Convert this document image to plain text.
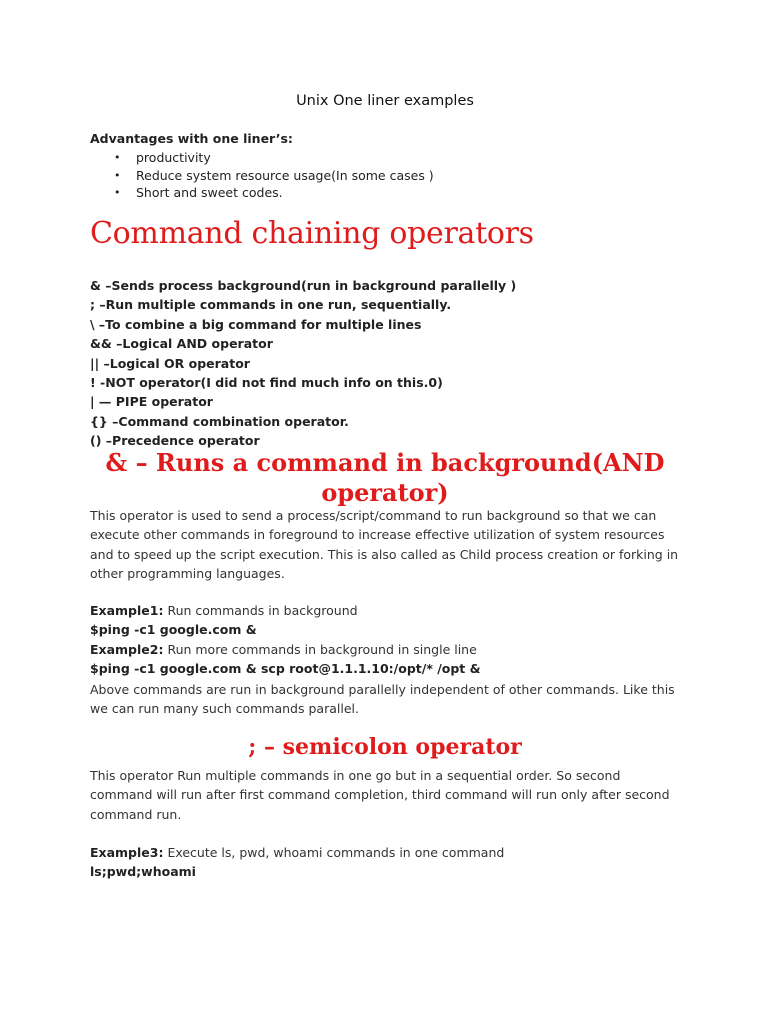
Unix One liner examples
Advantages with one liner’s:
• productivity
• Reduce system resource usage(In some cases )
• Short and sweet codes.
Command chaining operators
& –Sends process background(run in background parallelly )
; –Run multiple commands in one run, sequentially.
\ –To combine a big command for multiple lines
&& –Logical AND operator
|| –Logical OR operator
! -NOT operator(I did not find much info on this.0)
| — PIPE operator
{} –Command combination operator.
() –Precedence operator
& – Runs a command in background(AND
operator)
This operator is used to send a process/script/command to run background so that we can execute other commands in foreground to increase effective utilization of system resources and to speed up the script execution. This is also called as Child process creation or forking in other programming languages.
Example1: Run commands in background
$ping -c1 google.com &
Example2: Run more commands in background in single line
$ping -c1 google.com & scp root@1.1.1.10:/opt/* /opt &
Above commands are run in background parallelly independent of other commands. Like this we can run many such commands parallel.
; – semicolon operator
This operator Run multiple commands in one go but in a sequential order. So second command will run after first command completion, third command will run only after second command run.
Example3: Execute ls, pwd, whoami commands in one command
ls;pwd;whoami
